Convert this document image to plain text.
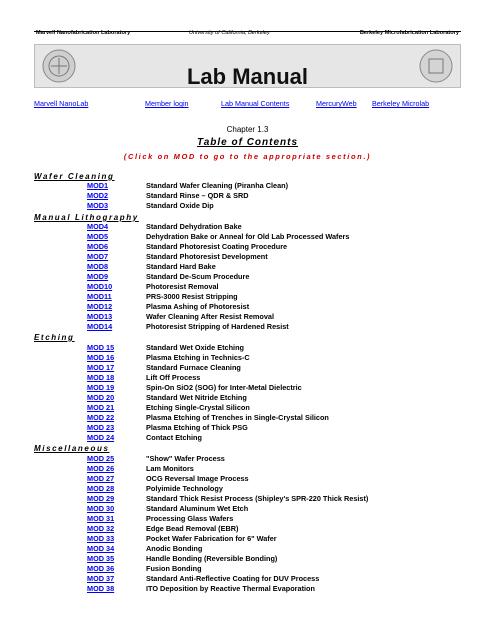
Marvell Nanofabrication Laboratory	University of California, Berkeley	Berkeley Microfabrication Laboratory
Lab Manual
Marvell NanoLab	Member login	Lab Manual Contents	MercuryWeb Berkeley Microlab
Chapter 1.3
Table of Contents
(Click on MOD to go to the appropriate section.)
Wafer Cleaning
MOD1	Standard Wafer Cleaning (Piranha Clean)
MOD2	Standard Rinse – QDR & SRD
MOD3	Standard Oxide Dip
Manual Lithography
MOD4	Standard Dehydration Bake
MOD5	Dehydration Bake or Anneal for Old Lab Processed Wafers
MOD6	Standard Photoresist Coating Procedure
MOD7	Standard Photoresist Development
MOD8	Standard Hard Bake
MOD9	Standard De-Scum Procedure
MOD10	Photoresist Removal
MOD11	PRS-3000 Resist Stripping
MOD12	Plasma Ashing of Photoresist
MOD13	Wafer Cleaning After Resist Removal
MOD14	Photoresist Stripping of Hardened Resist
Etching
MOD 15	Standard Wet Oxide Etching
MOD 16	Plasma Etching in Technics-C
MOD 17	Standard Furnace Cleaning
MOD 18	Lift Off Process
MOD 19	Spin-On SiO2 (SOG) for Inter-Metal Dielectric
MOD 20	Standard Wet Nitride Etching
MOD 21	Etching Single-Crystal Silicon
MOD 22	Plasma Etching of Trenches in Single-Crystal Silicon
MOD 23	Plasma Etching of Thick PSG
MOD 24	Contact Etching
Miscellaneous
MOD 25	"Show" Wafer Process
MOD 26	Lam Monitors
MOD 27	OCG Reversal Image Process
MOD 28	Polyimide Technology
MOD 29	Standard Thick Resist Process (Shipley's SPR-220 Thick Resist)
MOD 30	Standard Aluminum Wet Etch
MOD 31	Processing Glass Wafers
MOD 32	Edge Bead Removal (EBR)
MOD 33	Pocket Wafer Fabrication for 6" Wafer
MOD 34	Anodic Bonding
MOD 35	Handle Bonding (Reversible Bonding)
MOD 36	Fusion Bonding
MOD 37	Standard Anti-Reflective Coating for DUV Process
MOD 38	ITO Deposition by Reactive Thermal Evaporation
